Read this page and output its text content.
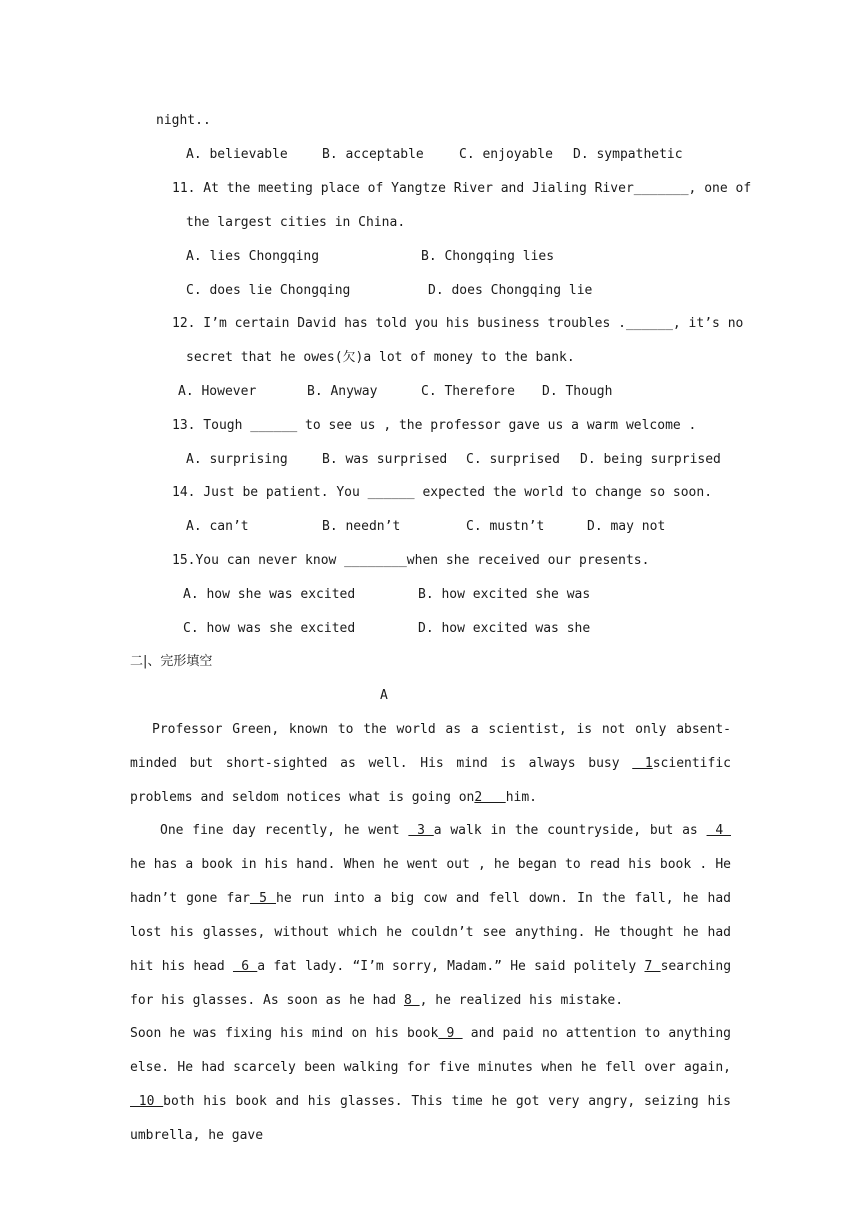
night..
A. believable	B. acceptable	C. enjoyable D. sympathetic
11. At the meeting place of Yangtze River and Jialing River_______, one of
the largest cities in China.
A. lies Chongqing	B. Chongqing lies
C. does lie Chongqing	D. does Chongqing lie
12. I’m certain David has told you his business troubles .______, it’s no
secret that he owes(欠)a lot of money to the bank.
A. However	B. Anyway	C. Therefore D. Though
13. Tough ______ to see us , the professor gave us a warm welcome .
A. surprising	B. was surprised C. surprised D. being surprised
14. Just be patient. You ______ expected the world to change so soon.
A. can’t	B. needn’t	C. mustn’t	D. may not
15.You can never know ________when she received our presents.
A. how she was excited	B. how excited she was
C. how was she excited	D. how excited was she
二|、完形填空
A
Professor Green, known to the world as a scientist, is not only absent-minded but short-sighted as well. His mind is always busy  1scientific problems and seldom notices what is going on2   him.
One fine day recently, he went  3 a walk in the countryside, but as  4  he has a book in his hand. When he went out , he began to read his book . He hadn’t gone far 5 he run into a big cow and fell down. In the fall, he had lost his glasses, without which he couldn’t see anything. He thought he had hit his head  6 a fat lady. “I’m sorry, Madam.” He said politely 7 searching for his glasses. As soon as he had 8 , he realized his mistake.
Soon he was fixing his mind on his book 9  and paid no attention to anything else. He had scarcely been walking for five minutes when he fell over again, 10 both his book and his glasses. This time he got very angry, seizing his umbrella, he gave
